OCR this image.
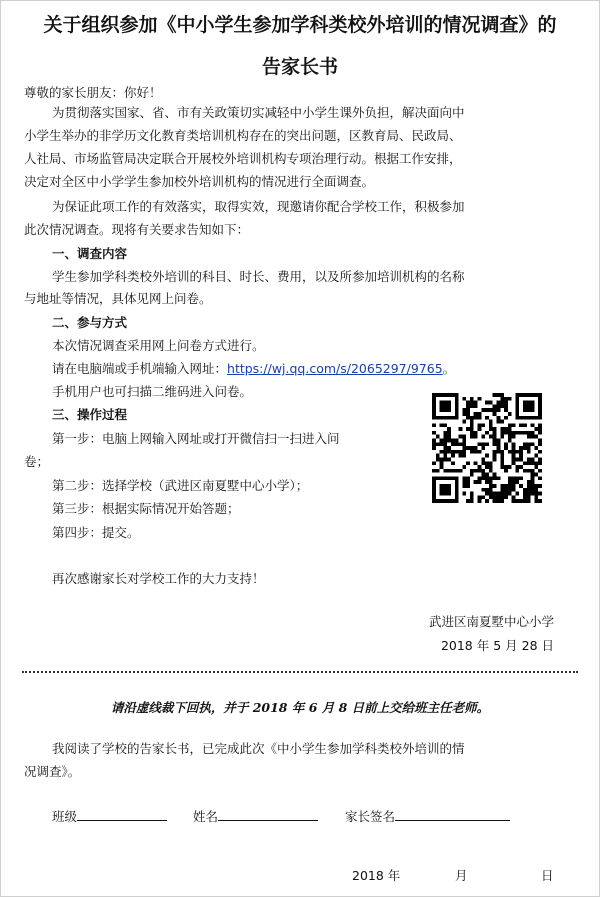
关于组织参加《中小学生参加学科类校外培训的情况调查》的
告家长书
尊敬的家长朋友：你好！
为贯彻落实国家、省、市有关政策切实减轻中小学生课外负担，解决面向中
小学生举办的非学历文化教育类培训机构存在的突出问题，区教育局、民政局、
人社局、市场监管局决定联合开展校外培训机构专项治理行动。根据工作安排，
决定对全区中小学学生参加校外培训机构的情况进行全面调查。
为保证此项工作的有效落实，取得实效，现邀请你配合学校工作，积极参加
此次情况调查。现将有关要求告知如下：
一、调查内容
学生参加学科类校外培训的科目、时长、费用，以及所参加培训机构的名称
与地址等情况，具体见网上问卷。
二、参与方式
本次情况调查采用网上问卷方式进行。
请在电脑端或手机端输入网址：https://wj.qq.com/s/2065297/9765。
手机用户也可扫描二维码进入问卷。
三、操作过程
第一步：电脑上网输入网址或打开微信扫一扫进入问
卷；
第二步：选择学校（武进区南夏墅中心小学）；
第三步：根据实际情况开始答题；
第四步：提交。
再次感谢家长对学校工作的大力支持！
武进区南夏墅中心小学
2018 年 5 月 28 日
请沿虚线裁下回执，并于 2018 年 6 月 8 日前上交给班主任老师。
我阅读了学校的告家长书，已完成此次《中小学生参加学科类校外培训的情
况调查》。
班级	姓名	家长签名
2018 年	月	日
